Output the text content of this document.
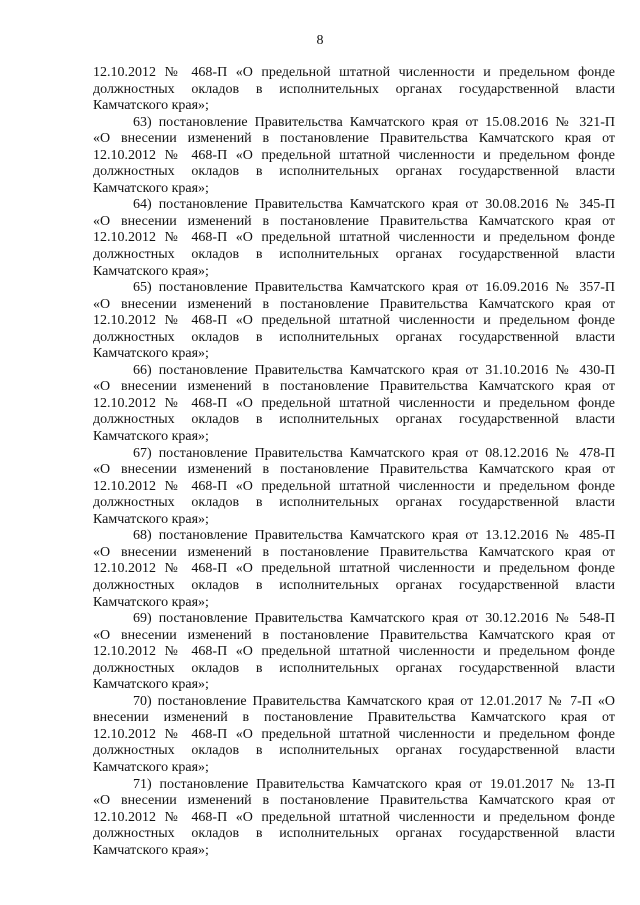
8
12.10.2012 № 468-П «О предельной штатной численности и предельном фонде
должностных окладов в исполнительных органах государственной власти
Камчатского края»;
63) постановление Правительства Камчатского края от 15.08.2016 № 321-П
«О внесении изменений в постановление Правительства Камчатского края от
12.10.2012 № 468-П «О предельной штатной численности и предельном фонде
должностных окладов в исполнительных органах государственной власти
Камчатского края»;
64) постановление Правительства Камчатского края от 30.08.2016 № 345-П
«О внесении изменений в постановление Правительства Камчатского края от
12.10.2012 № 468-П «О предельной штатной численности и предельном фонде
должностных окладов в исполнительных органах государственной власти
Камчатского края»;
65) постановление Правительства Камчатского края от 16.09.2016 № 357-П
«О внесении изменений в постановление Правительства Камчатского края от
12.10.2012 № 468-П «О предельной штатной численности и предельном фонде
должностных окладов в исполнительных органах государственной власти
Камчатского края»;
66) постановление Правительства Камчатского края от 31.10.2016 № 430-П
«О внесении изменений в постановление Правительства Камчатского края от
12.10.2012 № 468-П «О предельной штатной численности и предельном фонде
должностных окладов в исполнительных органах государственной власти
Камчатского края»;
67) постановление Правительства Камчатского края от 08.12.2016 № 478-П
«О внесении изменений в постановление Правительства Камчатского края от
12.10.2012 № 468-П «О предельной штатной численности и предельном фонде
должностных окладов в исполнительных органах государственной власти
Камчатского края»;
68) постановление Правительства Камчатского края от 13.12.2016 № 485-П
«О внесении изменений в постановление Правительства Камчатского края от
12.10.2012 № 468-П «О предельной штатной численности и предельном фонде
должностных окладов в исполнительных органах государственной власти
Камчатского края»;
69) постановление Правительства Камчатского края от 30.12.2016 № 548-П
«О внесении изменений в постановление Правительства Камчатского края от
12.10.2012 № 468-П «О предельной штатной численности и предельном фонде
должностных окладов в исполнительных органах государственной власти
Камчатского края»;
70) постановление Правительства Камчатского края от 12.01.2017 № 7-П «О
внесении изменений в постановление Правительства Камчатского края от
12.10.2012 № 468-П «О предельной штатной численности и предельном фонде
должностных окладов в исполнительных органах государственной власти
Камчатского края»;
71) постановление Правительства Камчатского края от 19.01.2017 № 13-П
«О внесении изменений в постановление Правительства Камчатского края от
12.10.2012 № 468-П «О предельной штатной численности и предельном фонде
должностных окладов в исполнительных органах государственной власти
Камчатского края»;
